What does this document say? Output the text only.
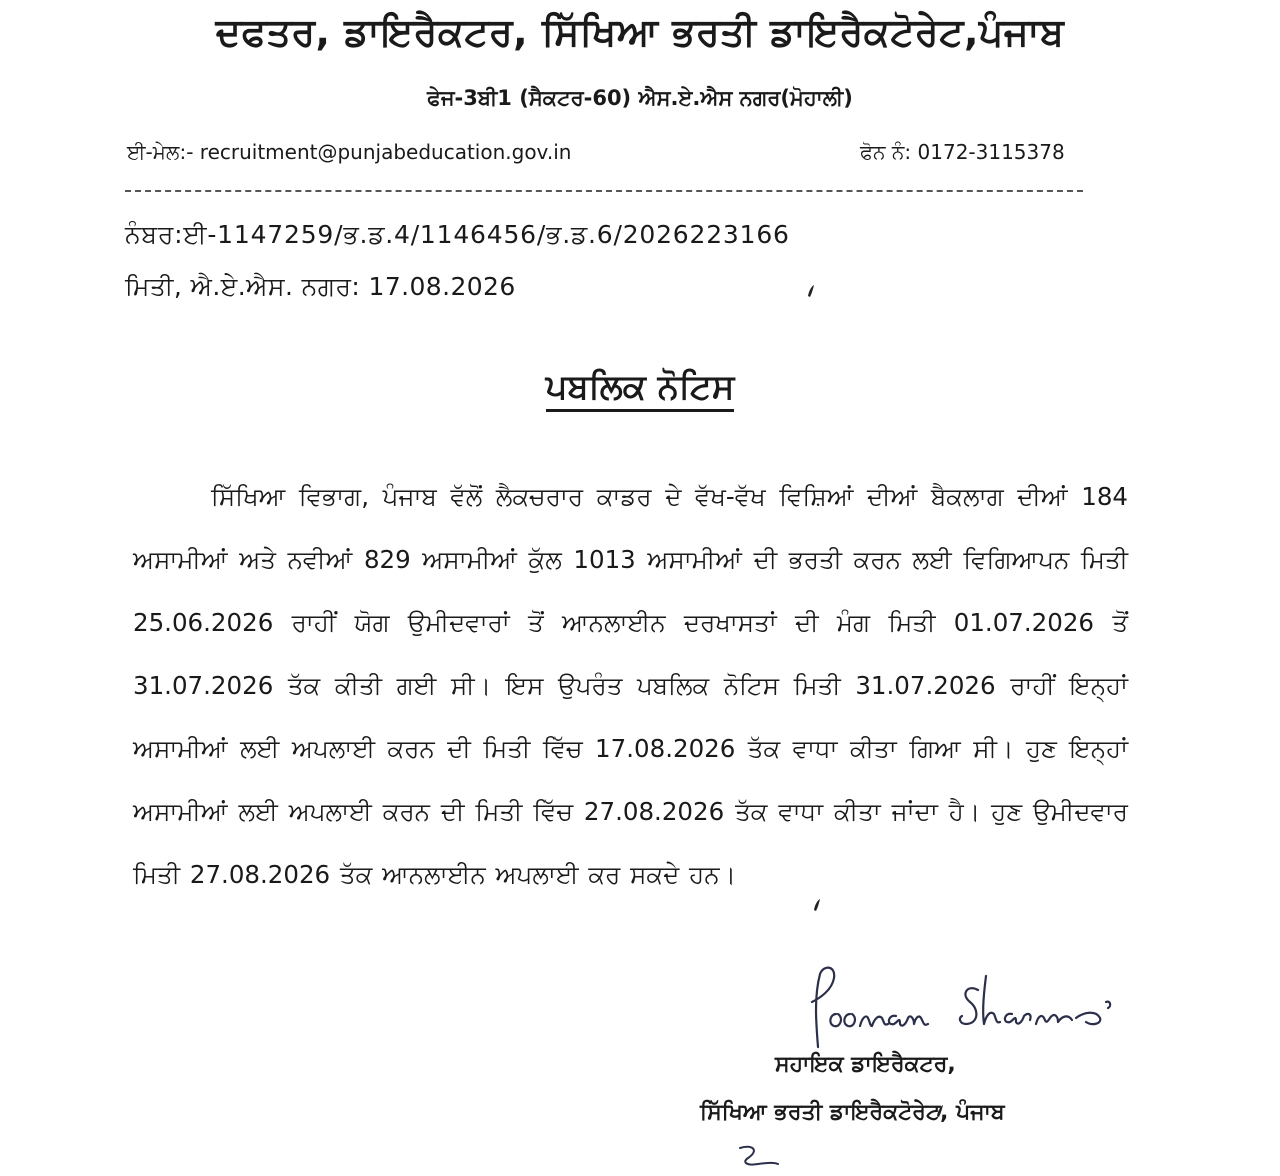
ਦਫਤਰ, ਡਾਇਰੈਕਟਰ, ਸਿੱਖਿਆ ਭਰਤੀ ਡਾਇਰੈਕਟੋਰੇਟ,ਪੰਜਾਬ
ਫੇਜ-3ਬੀ1 (ਸੈਕਟਰ-60) ਐਸ.ਏ.ਐਸ ਨਗਰ(ਮੋਹਾਲੀ)
ਈ-ਮੇਲ:- recruitment@punjabeducation.gov.in	ਫੋਨ ਨੰ: 0172-3115378
ਨੰਬਰ:ਈ-1147259/ਭ.ਡ.4/1146456/ਭ.ਡ.6/2026223166
ਮਿਤੀ, ਐ.ਏ.ਐਸ. ਨਗਰ: 17.08.2026
ਪਬਲਿਕ ਨੋਟਿਸ
ਸਿੱਖਿਆ ਵਿਭਾਗ, ਪੰਜਾਬ ਵੱਲੋਂ ਲੈਕਚਰਾਰ ਕਾਡਰ ਦੇ ਵੱਖ-ਵੱਖ ਵਿਸ਼ਿਆਂ ਦੀਆਂ ਬੈਕਲਾਗ ਦੀਆਂ 184 ਅਸਾਮੀਆਂ ਅਤੇ ਨਵੀਆਂ 829 ਅਸਾਮੀਆਂ ਕੁੱਲ 1013 ਅਸਾਮੀਆਂ ਦੀ ਭਰਤੀ ਕਰਨ ਲਈ ਵਿਗਿਆਪਨ ਮਿਤੀ 25.06.2026 ਰਾਹੀਂ ਯੋਗ ਉਮੀਦਵਾਰਾਂ ਤੋਂ ਆਨਲਾਈਨ ਦਰਖਾਸਤਾਂ ਦੀ ਮੰਗ ਮਿਤੀ 01.07.2026 ਤੋਂ 31.07.2026 ਤੱਕ ਕੀਤੀ ਗਈ ਸੀ। ਇਸ ਉਪਰੰਤ ਪਬਲਿਕ ਨੋਟਿਸ ਮਿਤੀ 31.07.2026 ਰਾਹੀਂ ਇਨ੍ਹਾਂ ਅਸਾਮੀਆਂ ਲਈ ਅਪਲਾਈ ਕਰਨ ਦੀ ਮਿਤੀ ਵਿੱਚ 17.08.2026 ਤੱਕ ਵਾਧਾ ਕੀਤਾ ਗਿਆ ਸੀ। ਹੁਣ ਇਨ੍ਹਾਂ ਅਸਾਮੀਆਂ ਲਈ ਅਪਲਾਈ ਕਰਨ ਦੀ ਮਿਤੀ ਵਿੱਚ 27.08.2026 ਤੱਕ ਵਾਧਾ ਕੀਤਾ ਜਾਂਦਾ ਹੈ। ਹੁਣ ਉਮੀਦਵਾਰ ਮਿਤੀ 27.08.2026 ਤੱਕ ਆਨਲਾਈਨ ਅਪਲਾਈ ਕਰ ਸਕਦੇ ਹਨ।
ਸਹਾਇਕ ਡਾਇਰੈਕਟਰ,
ਸਿੱਖਿਆ ਭਰਤੀ ਡਾਇਰੈਕਟੋਰੇਟ, ਪੰਜਾਬ
